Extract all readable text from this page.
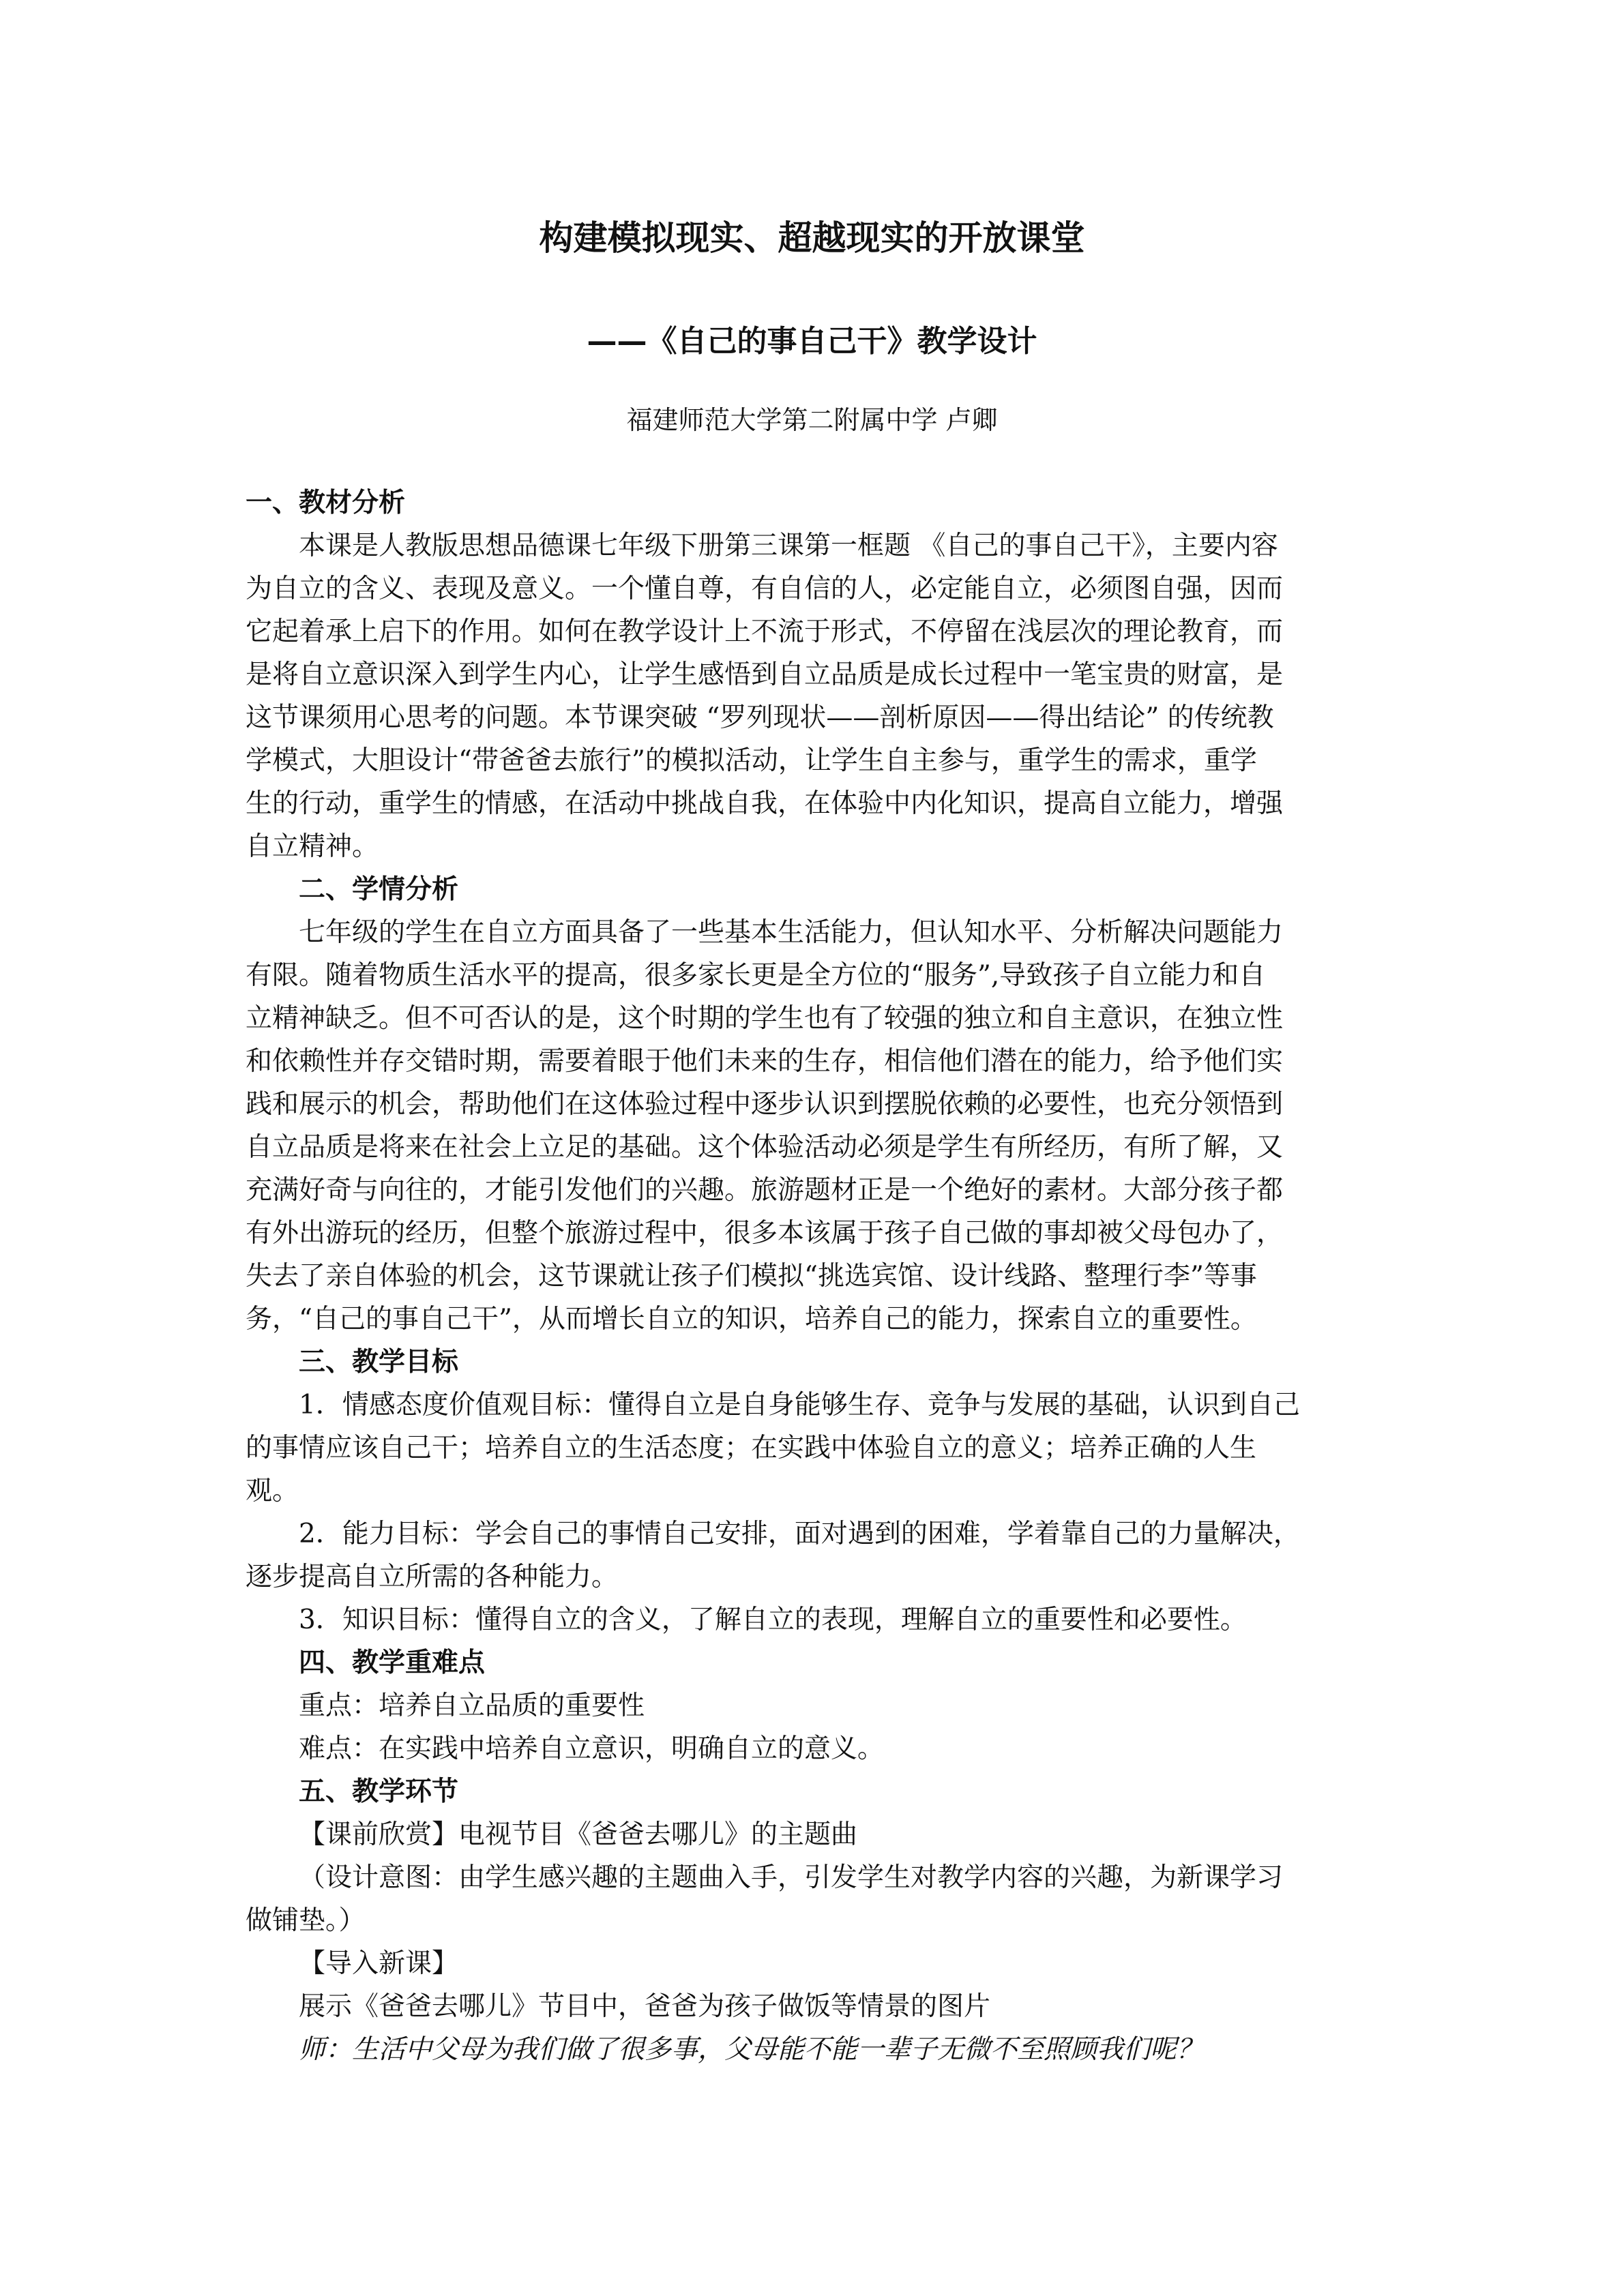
构建模拟现实、超越现实的开放课堂
——《自己的事自己干》教学设计

福建师范大学第二附属中学 卢卿

一、教材分析
本课是人教版思想品德课七年级下册第三课第一框题 《自己的事自己干》，主要内容
为自立的含义、表现及意义。一个懂自尊，有自信的人，必定能自立，必须图自强，因而
它起着承上启下的作用。如何在教学设计上不流于形式，不停留在浅层次的理论教育，而
是将自立意识深入到学生内心，让学生感悟到自立品质是成长过程中一笔宝贵的财富，是
这节课须用心思考的问题。本节课突破 “罗列现状——剖析原因——得出结论” 的传统教
学模式，大胆设计“带爸爸去旅行”的模拟活动，让学生自主参与，重学生的需求，重学
生的行动，重学生的情感，在活动中挑战自我，在体验中内化知识，提高自立能力，增强
自立精神。
二、学情分析
七年级的学生在自立方面具备了一些基本生活能力，但认知水平、分析解决问题能力
有限。随着物质生活水平的提高，很多家长更是全方位的“服务”,导致孩子自立能力和自
立精神缺乏。但不可否认的是，这个时期的学生也有了较强的独立和自主意识，在独立性
和依赖性并存交错时期，需要着眼于他们未来的生存，相信他们潜在的能力，给予他们实
践和展示的机会，帮助他们在这体验过程中逐步认识到摆脱依赖的必要性，也充分领悟到
自立品质是将来在社会上立足的基础。这个体验活动必须是学生有所经历，有所了解，又
充满好奇与向往的，才能引发他们的兴趣。旅游题材正是一个绝好的素材。大部分孩子都
有外出游玩的经历，但整个旅游过程中，很多本该属于孩子自己做的事却被父母包办了，
失去了亲自体验的机会，这节课就让孩子们模拟“挑选宾馆、设计线路、整理行李”等事
务，“自己的事自己干”，从而增长自立的知识，培养自己的能力，探索自立的重要性。
三、教学目标
1．情感态度价值观目标：懂得自立是自身能够生存、竞争与发展的基础，认识到自己
的事情应该自己干；培养自立的生活态度；在实践中体验自立的意义；培养正确的人生
观。
2．能力目标：学会自己的事情自己安排，面对遇到的困难，学着靠自己的力量解决，
逐步提高自立所需的各种能力。
3．知识目标：懂得自立的含义，了解自立的表现，理解自立的重要性和必要性。
四、教学重难点
重点：培养自立品质的重要性
难点：在实践中培养自立意识，明确自立的意义。
五、教学环节
【课前欣赏】电视节目《爸爸去哪儿》的主题曲
（设计意图：由学生感兴趣的主题曲入手，引发学生对教学内容的兴趣，为新课学习
做铺垫。）
【导入新课】
展示《爸爸去哪儿》节目中，爸爸为孩子做饭等情景的图片
师：生活中父母为我们做了很多事，父母能不能一辈子无微不至照顾我们呢？
